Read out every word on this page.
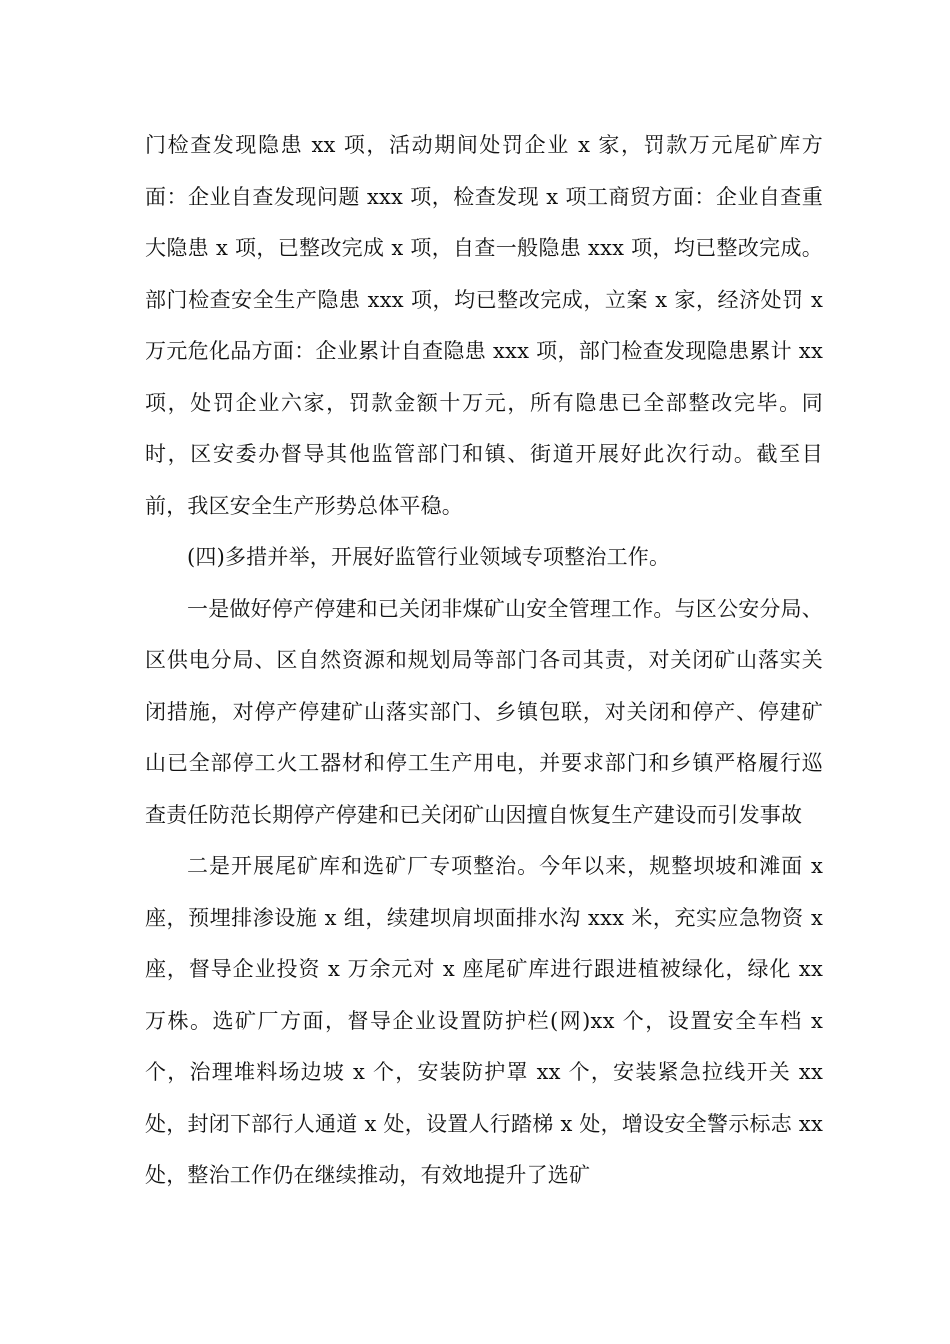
门检查发现隐患 xx 项，活动期间处罚企业 x 家，罚款万元尾矿库方面：企业自查发现问题 xxx 项，检查发现 x 项工商贸方面：企业自查重大隐患 x 项，已整改完成 x 项，自查一般隐患 xxx 项，均已整改完成。部门检查安全生产隐患 xxx 项，均已整改完成，立案 x 家，经济处罚 x 万元危化品方面：企业累计自查隐患 xxx 项，部门检查发现隐患累计 xx 项，处罚企业六家，罚款金额十万元，所有隐患已全部整改完毕。同时，区安委办督导其他监管部门和镇、街道开展好此次行动。截至目前，我区安全生产形势总体平稳。

(四)多措并举，开展好监管行业领域专项整治工作。

一是做好停产停建和已关闭非煤矿山安全管理工作。与区公安分局、区供电分局、区自然资源和规划局等部门各司其责，对关闭矿山落实关闭措施，对停产停建矿山落实部门、乡镇包联，对关闭和停产、停建矿山已全部停工火工器材和停工生产用电，并要求部门和乡镇严格履行巡查责任防范长期停产停建和已关闭矿山因擅自恢复生产建设而引发事故

二是开展尾矿库和选矿厂专项整治。今年以来，规整坝坡和滩面 x 座，预埋排渗设施 x 组，续建坝肩坝面排水沟 xxx 米，充实应急物资 x 座，督导企业投资 x 万余元对 x 座尾矿库进行跟进植被绿化，绿化 xx 万株。选矿厂方面，督导企业设置防护栏(网)xx 个，设置安全车档 x 个，治理堆料场边坡 x 个，安装防护罩 xx 个，安装紧急拉线开关 xx 处，封闭下部行人通道 x 处，设置人行踏梯 x 处，增设安全警示标志 xx 处，整治工作仍在继续推动，有效地提升了选矿
